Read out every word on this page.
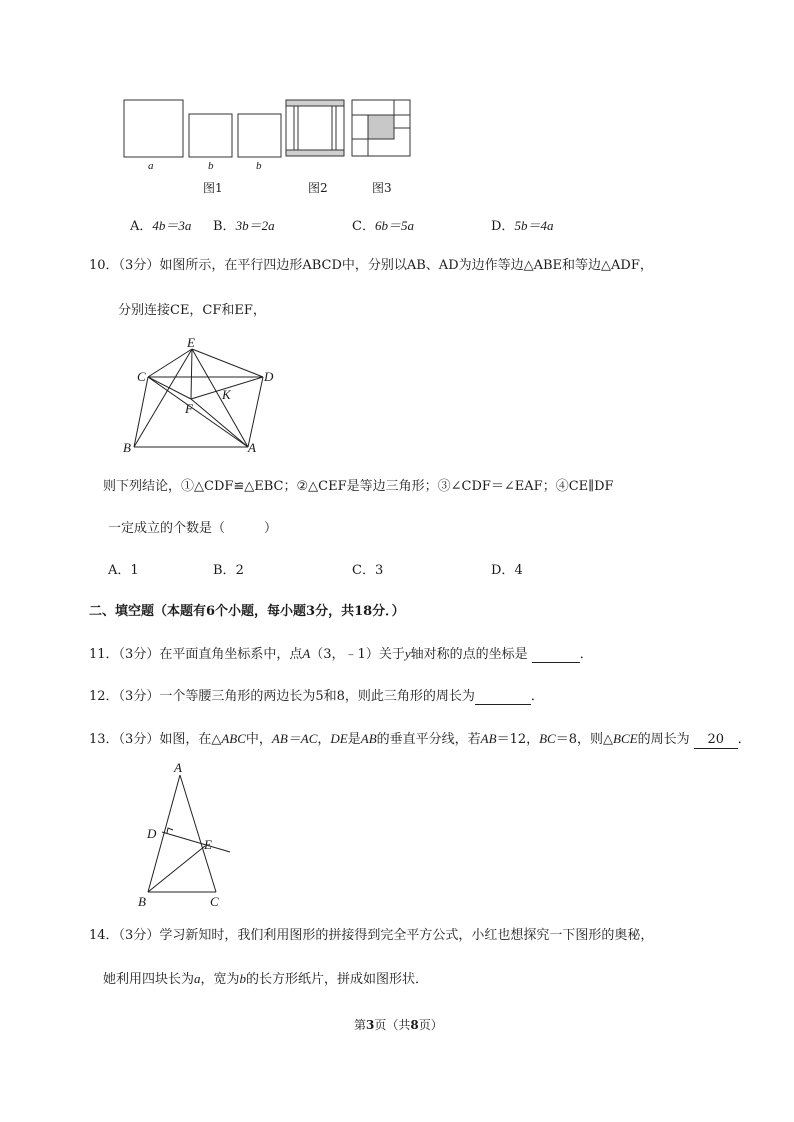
a	b	b
图1	图2	图3
A．4b＝3a B．3b＝2a	C．6b＝5a	D．5b＝4a
10．（3分）如图所示，在平行四边形ABCD中，分别以AB、AD为边作等边△ABE和等边△ADF，
分别连接CE，CF和EF，
E
C	D
K
F
B	A
则下列结论，①△CDF≌△EBC；②△CEF是等边三角形；③∠CDF＝∠EAF；④CE∥DF
一定成立的个数是（　　　）
A．1	B．2	C．3	D．4
二、填空题（本题有6个小题，每小题3分，共18分．）
11．（3分）在平面直角坐标系中，点A（3，﹣1）关于y轴对称的点的坐标是	．
12．（3分）一个等腰三角形的两边长为5和8，则此三角形的周长为	．
13．（3分）如图，在△ABC中，AB＝AC，DE是AB的垂直平分线，若AB＝12，BC＝8，则△BCE的周长为 20 ．
A
D
E
B	C
14．（3分）学习新知时，我们利用图形的拼接得到完全平方公式，小红也想探究一下图形的奥秘，
她利用四块长为a，宽为b的长方形纸片，拼成如图形状．
第3页（共8页）
